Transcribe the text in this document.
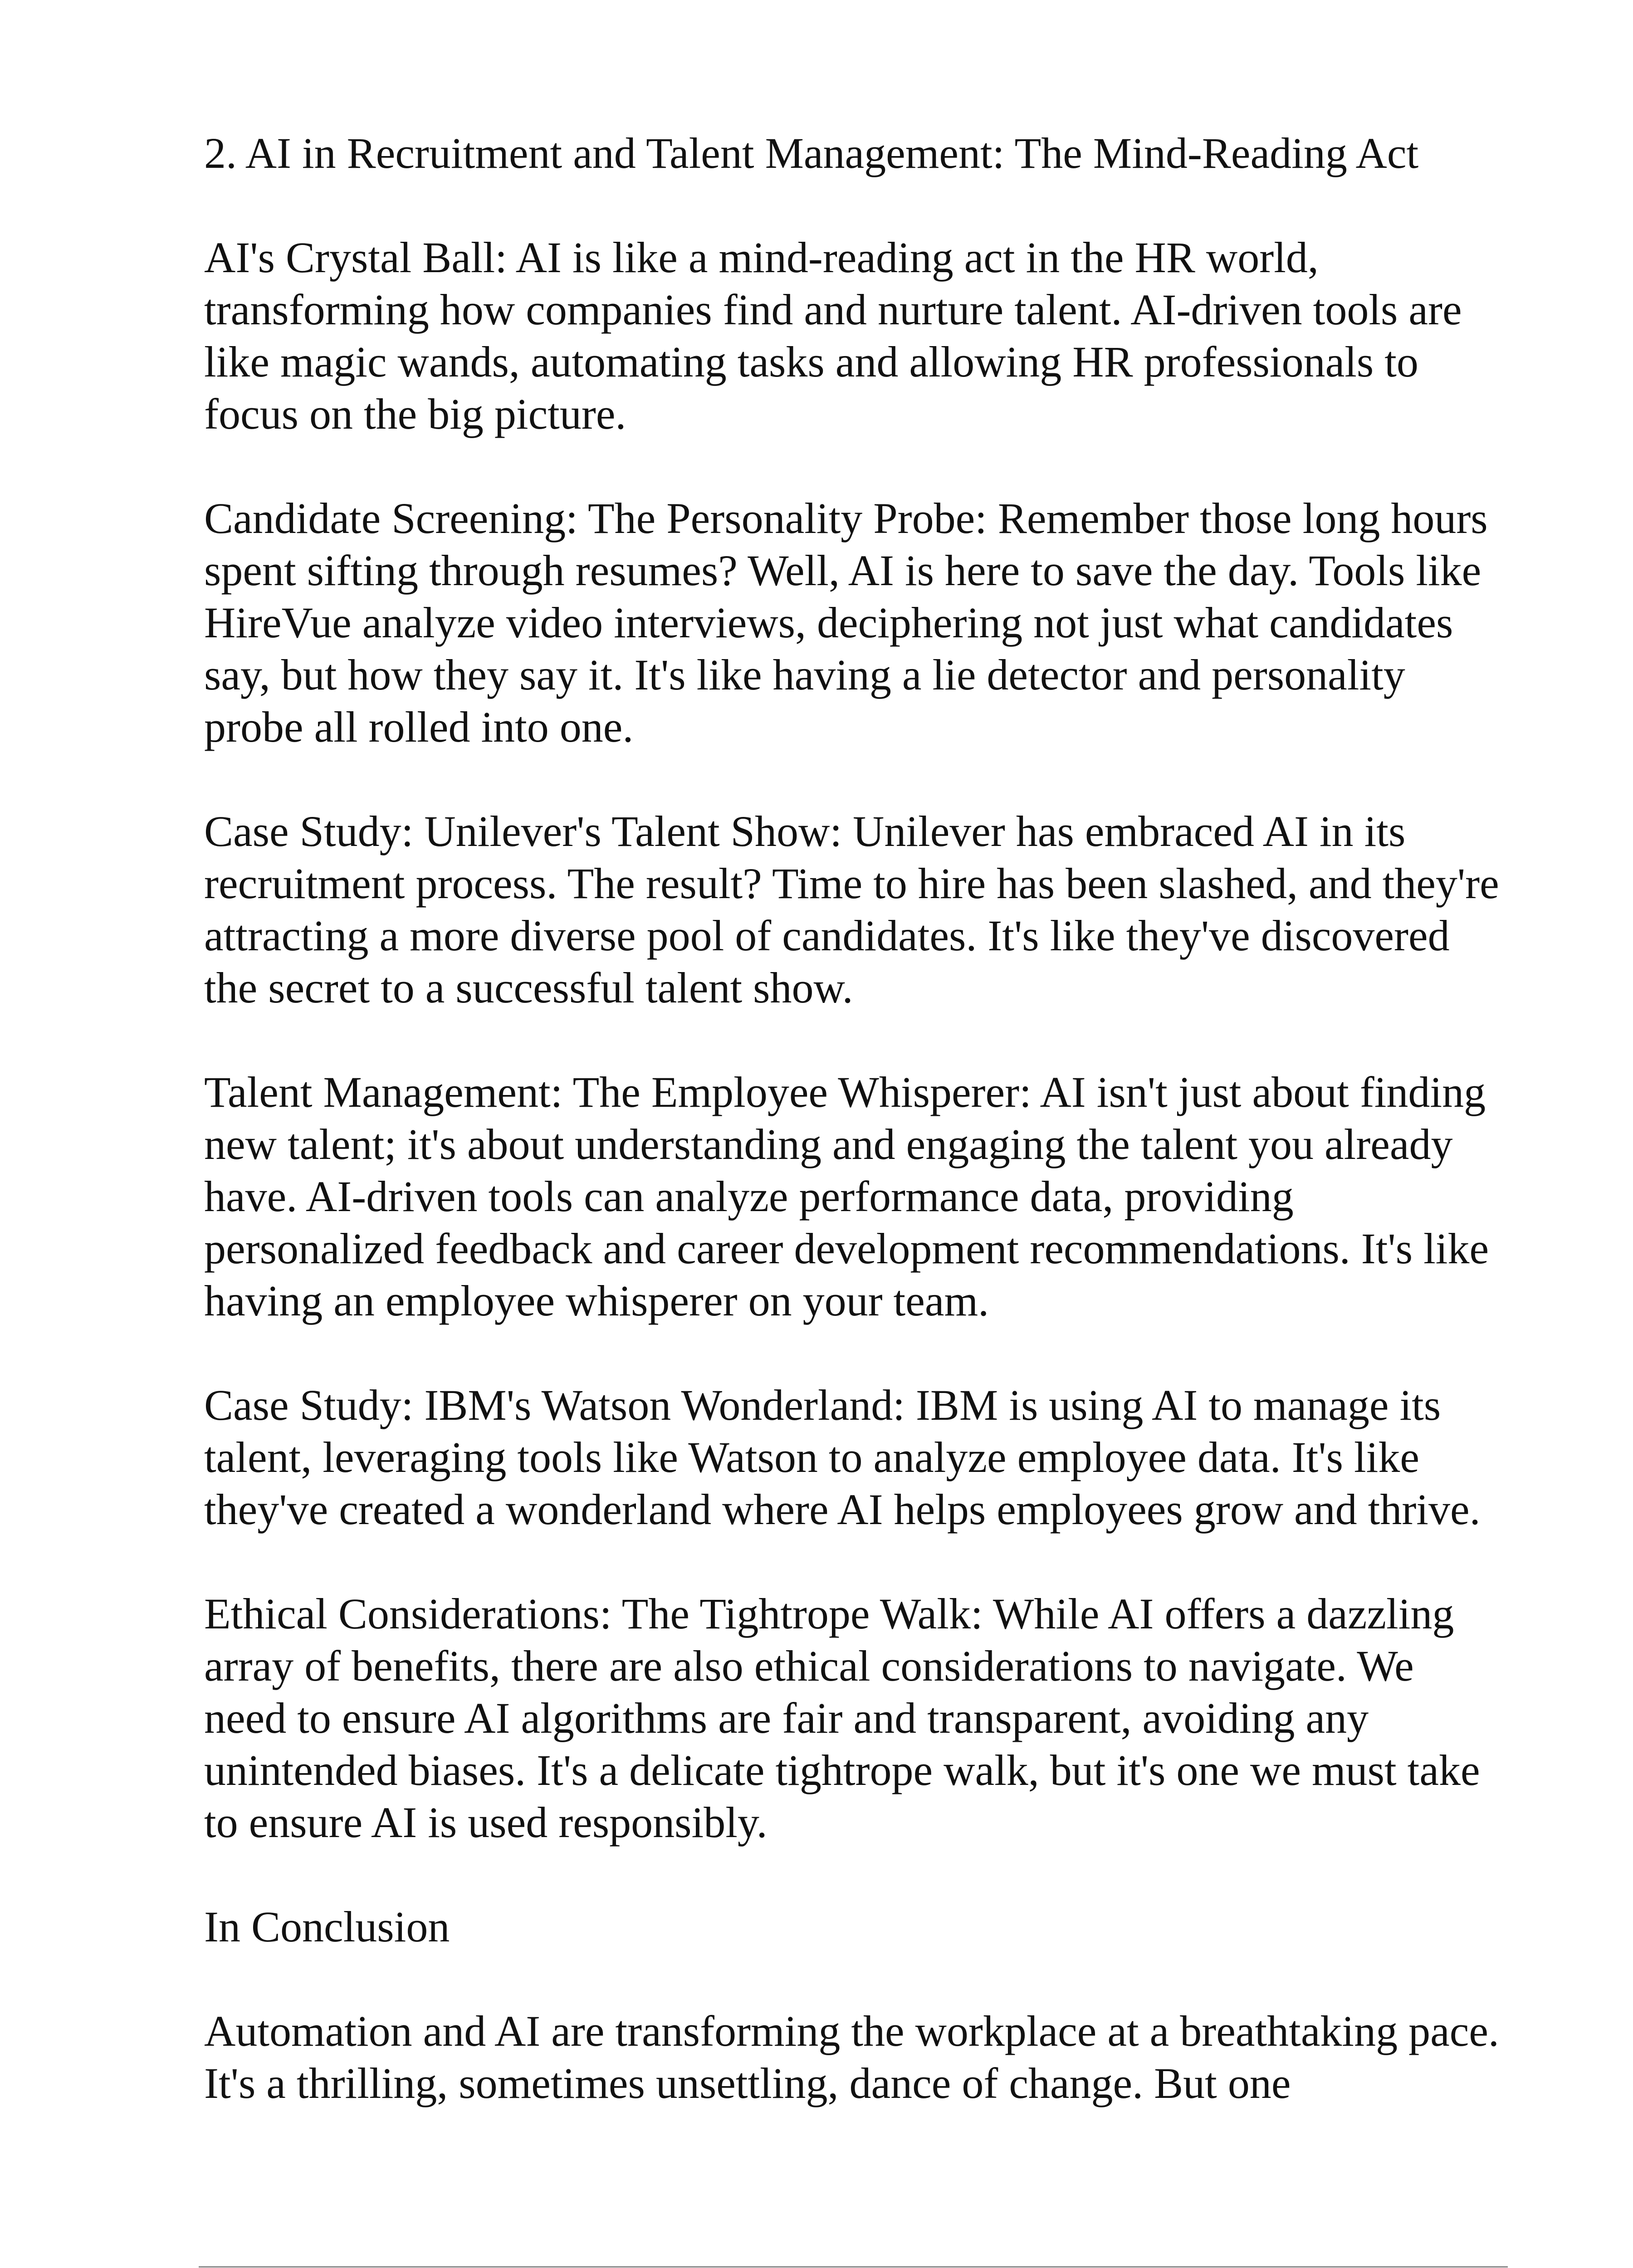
2. AI in Recruitment and Talent Management: The Mind-Reading Act

AI's Crystal Ball: AI is like a mind-reading act in the HR world, transforming how companies find and nurture talent. AI-driven tools are like magic wands, automating tasks and allowing HR professionals to focus on the big picture.

Candidate Screening: The Personality Probe: Remember those long hours spent sifting through resumes? Well, AI is here to save the day. Tools like HireVue analyze video interviews, deciphering not just what candidates say, but how they say it. It's like having a lie detector and personality probe all rolled into one.

Case Study: Unilever's Talent Show: Unilever has embraced AI in its recruitment process. The result? Time to hire has been slashed, and they're attracting a more diverse pool of candidates. It's like they've discovered the secret to a successful talent show.

Talent Management: The Employee Whisperer: AI isn't just about finding new talent; it's about understanding and engaging the talent you already have. AI-driven tools can analyze performance data, providing personalized feedback and career development recommendations. It's like having an employee whisperer on your team.

Case Study: IBM's Watson Wonderland: IBM is using AI to manage its talent, leveraging tools like Watson to analyze employee data. It's like they've created a wonderland where AI helps employees grow and thrive.

Ethical Considerations: The Tightrope Walk: While AI offers a dazzling array of benefits, there are also ethical considerations to navigate. We need to ensure AI algorithms are fair and transparent, avoiding any unintended biases. It's a delicate tightrope walk, but it's one we must take to ensure AI is used responsibly.

In Conclusion

Automation and AI are transforming the workplace at a breathtaking pace. It's a thrilling, sometimes unsettling, dance of change. But one
